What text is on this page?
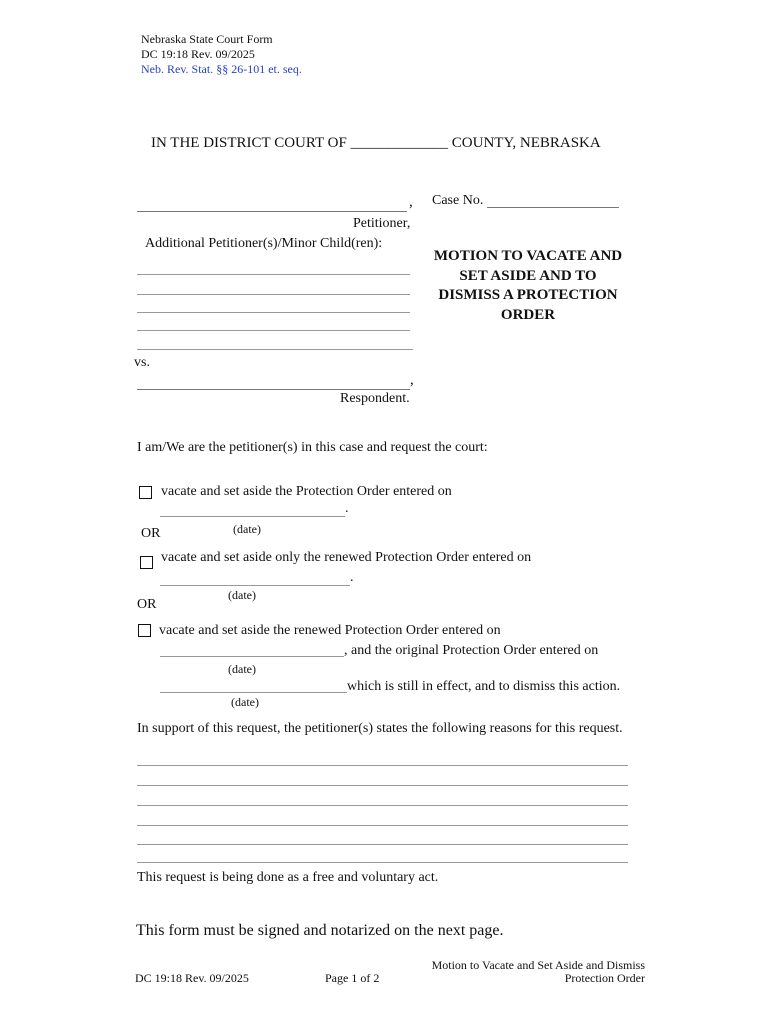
Nebraska State Court Form
DC 19:18 Rev. 09/2025
Neb. Rev. Stat. §§ 26-101 et. seq.
IN THE DISTRICT COURT OF _____________ COUNTY, NEBRASKA
,
Petitioner,
Additional Petitioner(s)/Minor Child(ren):
vs.
,
Respondent.
Case No.
MOTION TO VACATE AND SET ASIDE AND TO DISMISS A PROTECTION ORDER
I am/We are the petitioner(s) in this case and request the court:
vacate and set aside the Protection Order entered on
.
(date)
OR
vacate and set aside only the renewed Protection Order entered on
.
(date)
OR
vacate and set aside the renewed Protection Order entered on
, and the original Protection Order entered on
(date)
which is still in effect, and to dismiss this action.
(date)
In support of this request, the petitioner(s) states the following reasons for this request.
This request is being done as a free and voluntary act.
This form must be signed and notarized on the next page.
DC 19:18 Rev. 09/2025	Page 1 of 2
Motion to Vacate and Set Aside and Dismiss Protection Order
